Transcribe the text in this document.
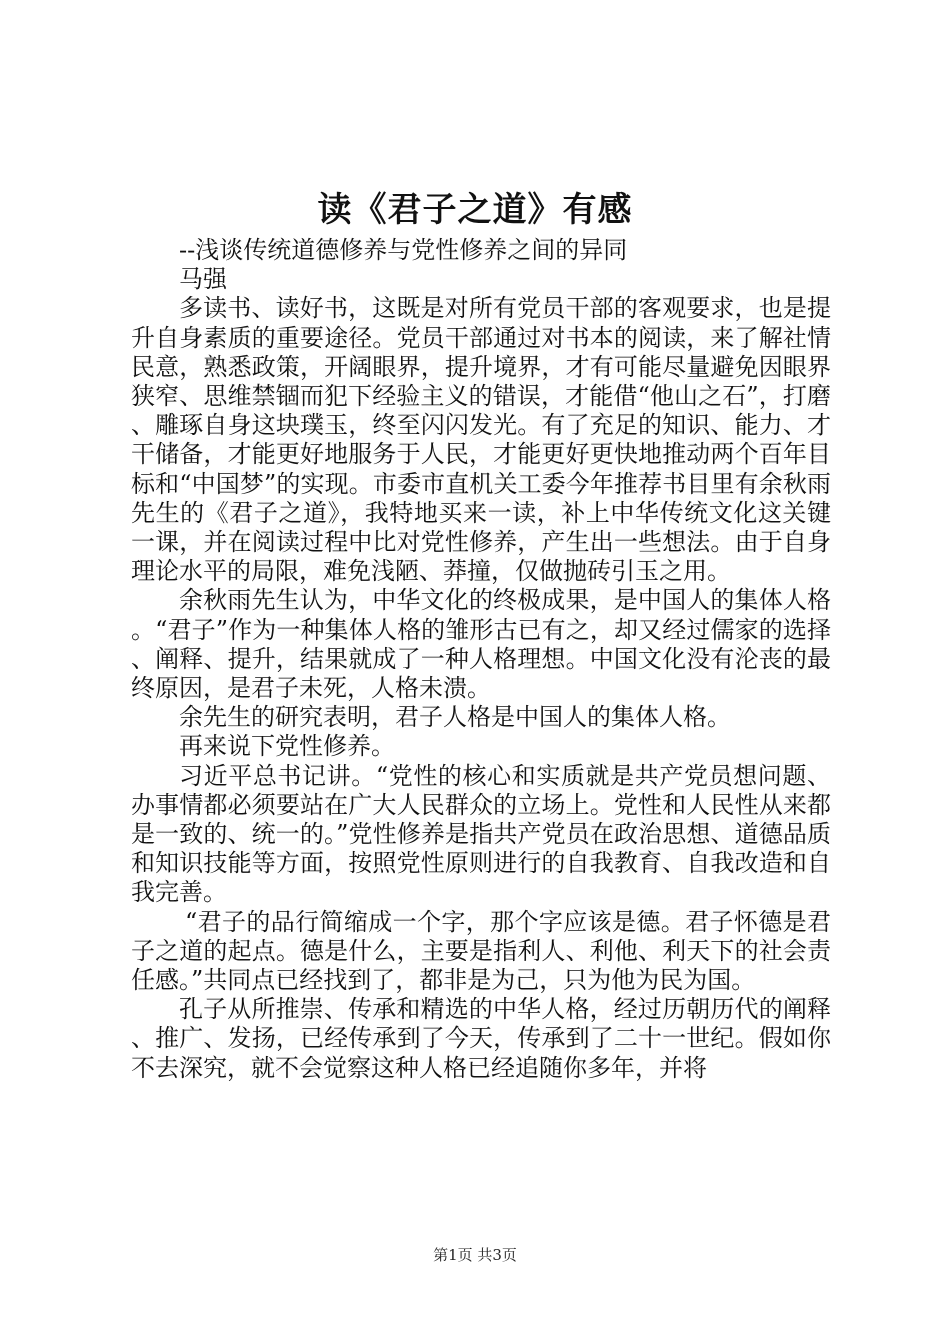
读《君子之道》有感

--浅谈传统道德修养与党性修养之间的异同

马强

多读书、读好书，这既是对所有党员干部的客观要求，也是提升自身素质的重要途径。党员干部通过对书本的阅读，来了解社情民意，熟悉政策，开阔眼界，提升境界，才有可能尽量避免因眼界狭窄、思维禁锢而犯下经验主义的错误，才能借“他山之石”，打磨、雕琢自身这块璞玉，终至闪闪发光。有了充足的知识、能力、才干储备，才能更好地服务于人民，才能更好更快地推动两个百年目标和“中国梦”的实现。市委市直机关工委今年推荐书目里有余秋雨先生的《君子之道》，我特地买来一读，补上中华传统文化这关键一课，并在阅读过程中比对党性修养，产生出一些想法。由于自身理论水平的局限，难免浅陋、莽撞，仅做抛砖引玉之用。

余秋雨先生认为，中华文化的终极成果，是中国人的集体人格。“君子”作为一种集体人格的雏形古已有之，却又经过儒家的选择、阐释、提升，结果就成了一种人格理想。中国文化没有沦丧的最终原因，是君子未死，人格未溃。

余先生的研究表明，君子人格是中国人的集体人格。

再来说下党性修养。

习近平总书记讲。“党性的核心和实质就是共产党员想问题、办事情都必须要站在广大人民群众的立场上。党性和人民性从来都是一致的、统一的。”党性修养是指共产党员在政治思想、道德品质和知识技能等方面，按照党性原则进行的自我教育、自我改造和自我完善。

“君子的品行简缩成一个字，那个字应该是德。君子怀德是君子之道的起点。德是什么，主要是指利人、利他、利天下的社会责任感。”共同点已经找到了，都非是为己，只为他为民为国。

孔子从所推崇、传承和精选的中华人格，经过历朝历代的阐释、推广、发扬，已经传承到了今天，传承到了二十一世纪。假如你不去深究，就不会觉察这种人格已经追随你多年，并将

第1页 共3页
